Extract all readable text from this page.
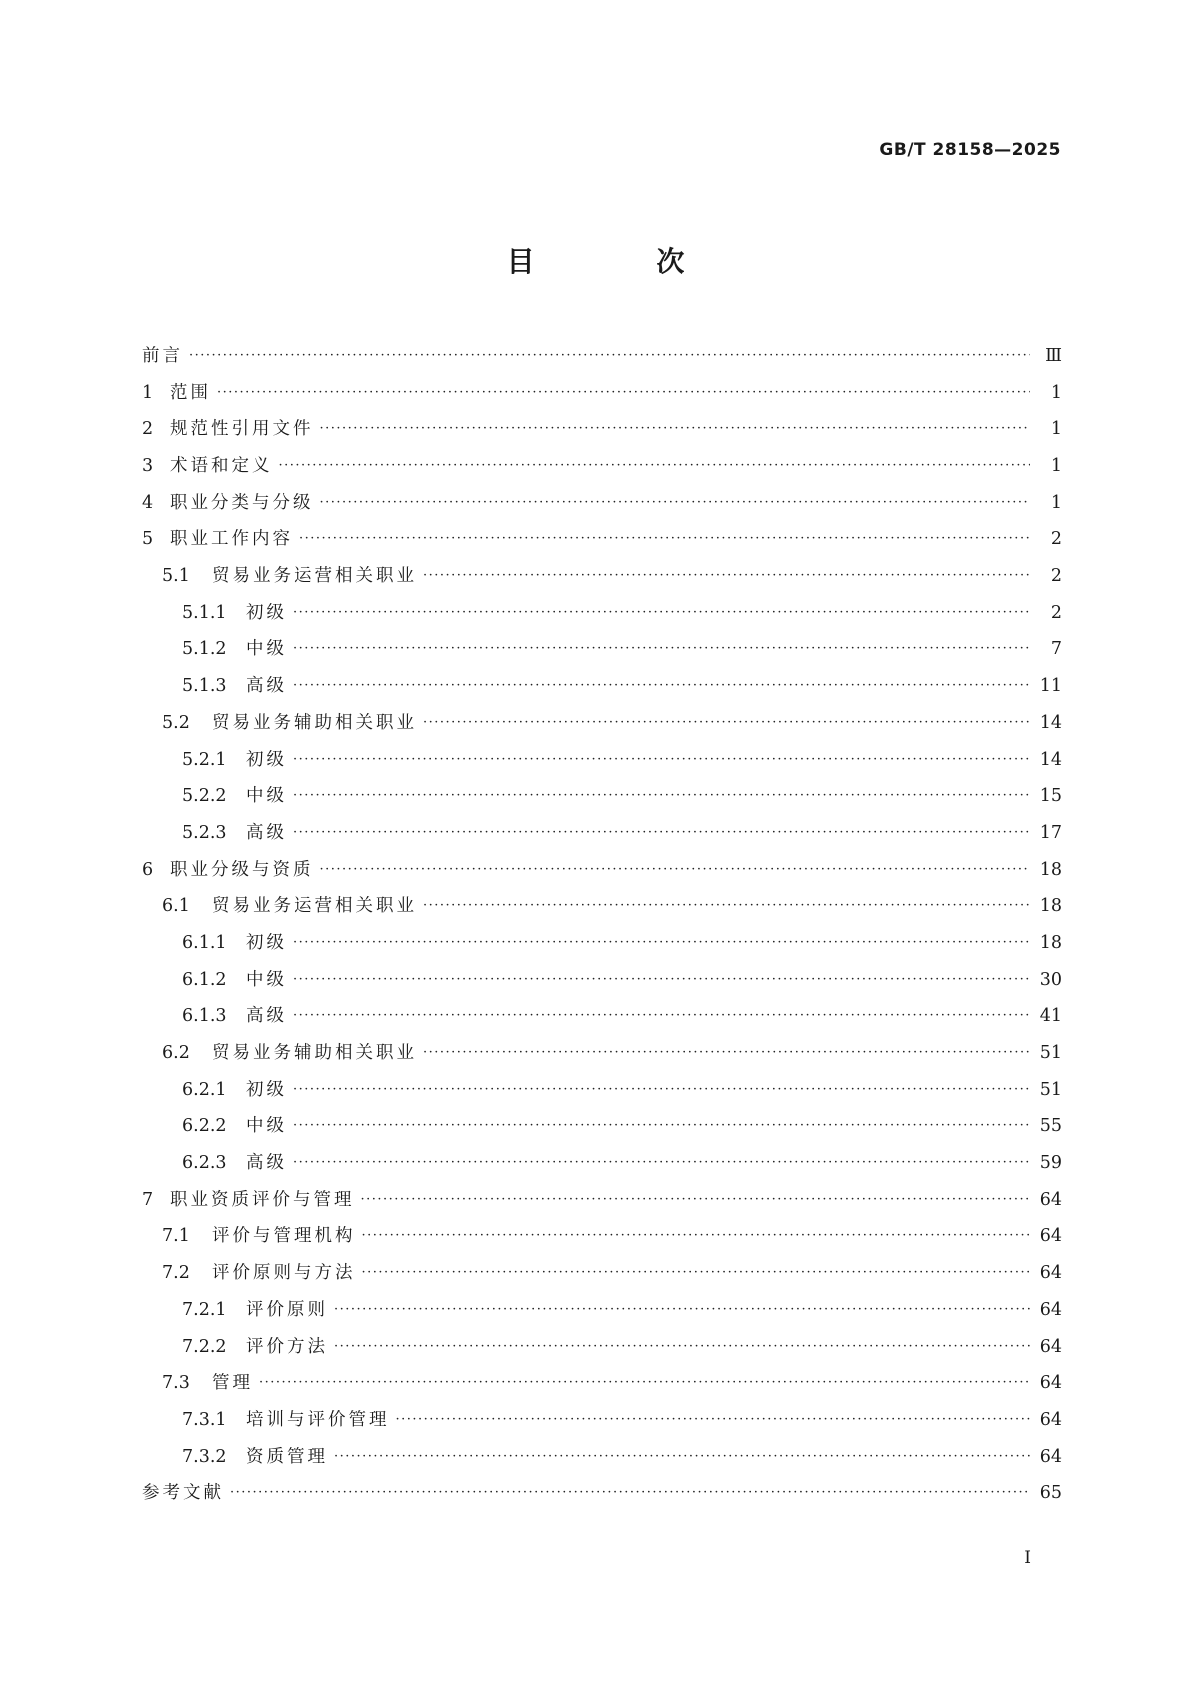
GB/T 28158—2025
目 次
前言 ·····	Ⅲ
1 范围 ·····	1
2 规范性引用文件 ·····	1
3 术语和定义 ·····	1
4 职业分类与分级 ·····	1
5 职业工作内容 ·····	2
5.1	贸易业务运营相关职业 ·····	2
5.1.1	初级 ·····	2
5.1.2	中级 ·····	7
5.1.3	高级 ·····	11
5.2	贸易业务辅助相关职业 ·····	14
5.2.1	初级 ·····	14
5.2.2	中级 ·····	15
5.2.3	高级 ·····	17
6 职业分级与资质 ·····	18
6.1	贸易业务运营相关职业 ·····	18
6.1.1	初级 ·····	18
6.1.2	中级 ·····	30
6.1.3	高级 ·····	41
6.2	贸易业务辅助相关职业 ·····	51
6.2.1	初级 ·····	51
6.2.2	中级 ·····	55
6.2.3	高级 ·····	59
7 职业资质评价与管理 ·····	64
7.1	评价与管理机构 ·····	64
7.2	评价原则与方法 ·····	64
7.2.1	评价原则 ·····	64
7.2.2	评价方法 ·····	64
7.3	管理 ·····	64
7.3.1	培训与评价管理 ·····	64
7.3.2	资质管理 ·····	64
参考文献 ·····	65
I
